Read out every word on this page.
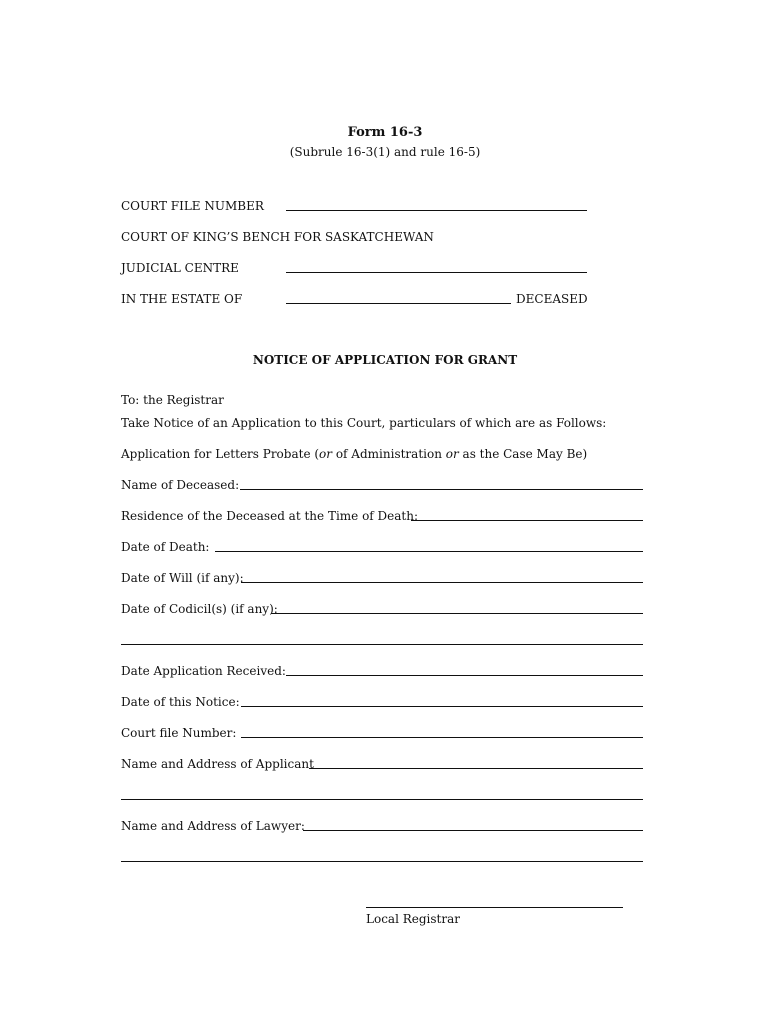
Form 16-3
(Subrule 16-3(1) and rule 16-5)
COURT FILE NUMBER
COURT OF KING’S BENCH FOR SASKATCHEWAN
JUDICIAL CENTRE
IN THE ESTATE OF	DECEASED
NOTICE OF APPLICATION FOR GRANT
To: the Registrar
Take Notice of an Application to this Court, particulars of which are as Follows:
Application for Letters Probate (or of Administration or as the Case May Be)
Name of Deceased:
Residence of the Deceased at the Time of Death:
Date of Death:
Date of Will (if any):
Date of Codicil(s) (if any):
Date Application Received:
Date of this Notice:
Court file Number:
Name and Address of Applicant
Name and Address of Lawyer:
Local Registrar
